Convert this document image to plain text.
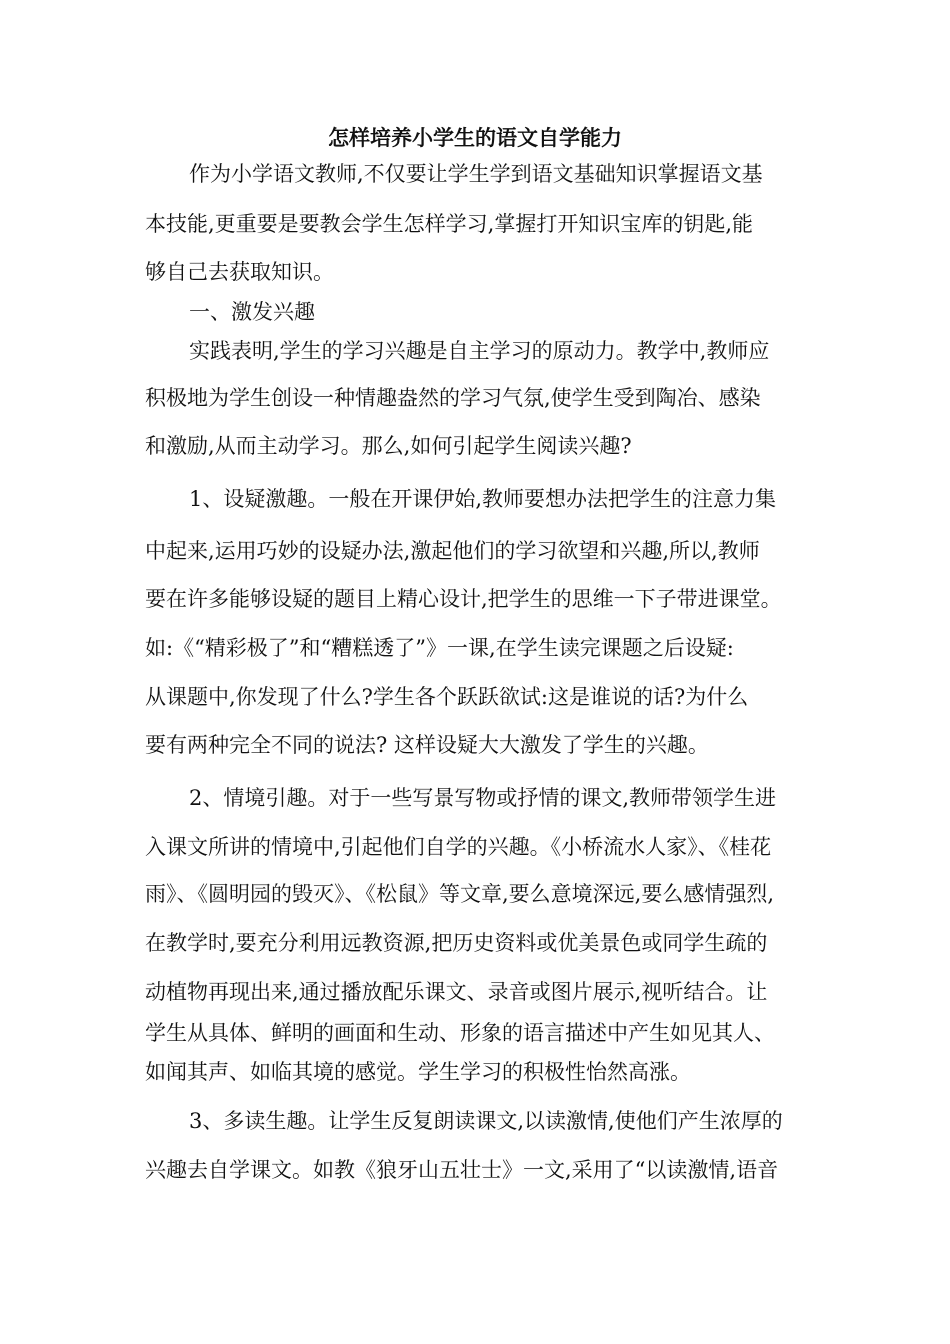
怎样培养小学生的语文自学能力
作为小学语文教师,不仅要让学生学到语文基础知识掌握语文基
本技能,更重要是要教会学生怎样学习,掌握打开知识宝库的钥匙,能
够自己去获取知识。
一、激发兴趣
实践表明,学生的学习兴趣是自主学习的原动力。教学中,教师应
积极地为学生创设一种情趣盎然的学习气氛,使学生受到陶冶、感染
和激励,从而主动学习。那么,如何引起学生阅读兴趣?
1、设疑激趣。一般在开课伊始,教师要想办法把学生的注意力集
中起来,运用巧妙的设疑办法,激起他们的学习欲望和兴趣,所以,教师
要在许多能够设疑的题目上精心设计,把学生的思维一下子带进课堂。
如:《“精彩极了”和“糟糕透了”》一课,在学生读完课题之后设疑:
从课题中,你发现了什么?学生各个跃跃欲试:这是谁说的话?为什么
要有两种完全不同的说法? 这样设疑大大激发了学生的兴趣。
2、情境引趣。对于一些写景写物或抒情的课文,教师带领学生进
入课文所讲的情境中,引起他们自学的兴趣。《小桥流水人家》、《桂花
雨》、《圆明园的毁灭》、《松鼠》等文章,要么意境深远,要么感情强烈,
在教学时,要充分利用远教资源,把历史资料或优美景色或同学生疏的
动植物再现出来,通过播放配乐课文、录音或图片展示,视听结合。让
学生从具体、鲜明的画面和生动、形象的语言描述中产生如见其人、
如闻其声、如临其境的感觉。学生学习的积极性怡然高涨。
3、多读生趣。让学生反复朗读课文,以读激情,使他们产生浓厚的
兴趣去自学课文。如教《狼牙山五壮士》一文,采用了“以读激情,语音
